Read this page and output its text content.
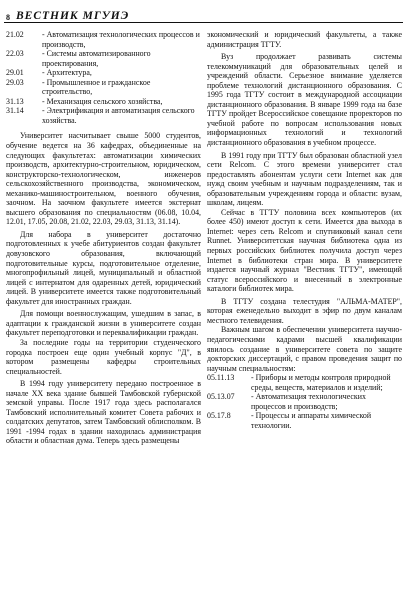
8 ВЕСТНИК МГУИЭ
21.02	- Автоматизация технологических процессов и производств,
22.03	- Системы автоматизированного проектирования,
29.01	- Архитектура,
29.03	- Промышленное и гражданское строительство,
31.13	- Механизация сельского хозяйства,
31.14	- Электрификация и автоматизация сельского хозяйства.

Университет насчитывает свыше 5000 студентов, обучение ведется на 36 кафедрах, объединенные на следующих факультетах: автоматизации химических производств, архитектурно-строительном, юридическом, конструкторско-технологическом, инженеров сельскохозяйственного производства, экономическом, механико-машиностроительном, военного обучения, заочном. На заочном факультете имеется экстернат высшего образования по специальностям (06.08, 10.04, 12.01, 17.05, 20.08, 21.02, 22.03, 29.03, 31.13, 31.14).

Для набора в университет достаточно подготовленных к учебе абитуриентов создан факультет довузовского образования, включающий подготовительные курсы, подготовительное отделение, многопрофильный лицей, муниципальный и областной лицей с интернатом для одаренных детей, юридический лицей. В университете имеется также подготовительный факультет для иностранных граждан.

Для помощи военнослужащим, ушедшим в запас, в адаптации к гражданской жизни в университете создан факультет переподготовки и переквалификации граждан.

За последние годы на территории студенческого городка построен еще один учебный корпус "Д", в котором размещены кафедры строительных специальностей.

В 1994 году университету передано построенное в начале XX века здание бывшей Тамбовской губернской земской управы. После 1917 года здесь располагался Тамбовский исполнительный комитет Совета рабочих и солдатских депутатов, затем Тамбовский облисполком. В 1991 -1994 годах в здании находилась администрация области и областная дума. Теперь здесь размещены

экономический и юридический факультеты, а также администрация ТГТУ.

Вуз продолжает развивать системы телекоммуникаций для образовательных целей и учреждений области. Серьезное внимание уделяется проблеме технологий дистанционного образования. С 1995 года ТГТУ состоит в международной ассоциации дистанционного образования. В январе 1999 года на базе ТГТУ пройдет Всероссийское совещание проректоров по учебной работе по вопросам использования новых информационных технологий и технологий дистанционного образования в учебном процессе.

В 1991 году при ТГТУ был образован областной узел сети Relcom. С этого времени университет стал предоставлять абонентам услуги сети Internet как для нужд своим учебным и научным подразделениям, так и образовательным учреждениям города и области: вузам, школам, лицеям.

Сейчас в ТГТУ половина всех компьютеров (их более 450) имеют доступ к сети. Имеется два выхода в Internet: через сеть Relcom и спутниковый канал сети Runnet. Университетская научная библиотека одна из первых российских библиотек получила доступ через Internet в библиотеки стран мира. В университете издается научный журнал "Вестник ТГТУ", имеющий статус всероссийского и внесенный в электронные каталоги библиотек мира.

В ТГТУ создана телестудия "АЛЬМА-МАТЕР", которая еженедельно выходит в эфир по двум каналам местного телевидения.

Важным шагом в обеспечении университета научно-педагогическими кадрами высшей квалификации явилось создание в университете совета по защите докторских диссертаций, с правом проведения защит по научным специальностям:

05.11.13	- Приборы и методы контроля природной среды, веществ, материалов и изделий;
05.13.07	- Автоматизация технологических процессов и производств;
05.17.8	- Процессы и аппараты химической технологии.
